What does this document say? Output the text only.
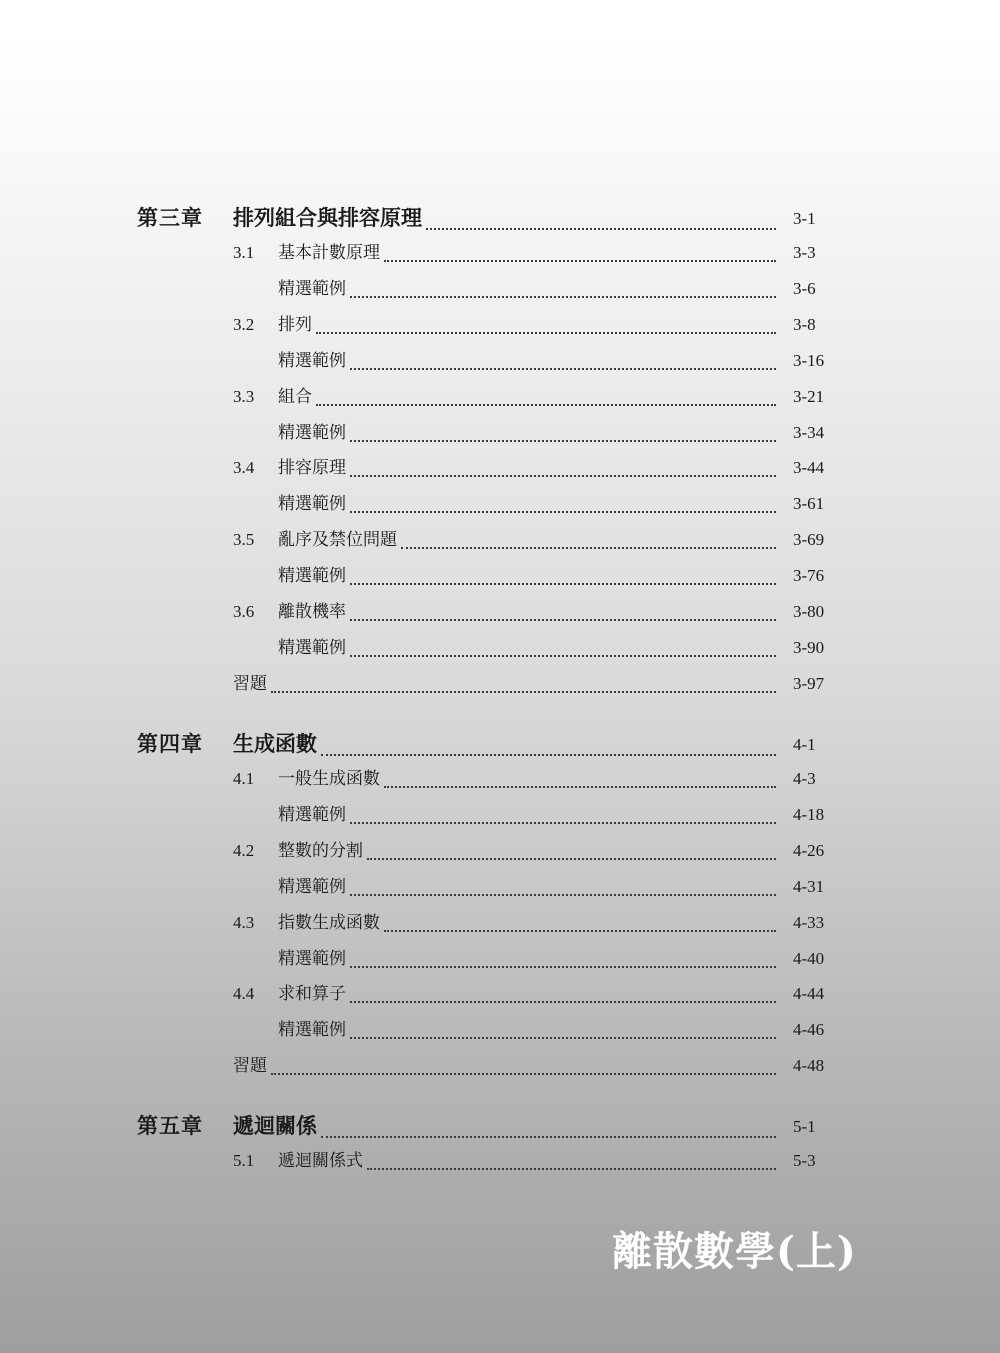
第三章 排列組合與排容原理	3-1
3.1 基本計數原理	3-3
精選範例	3-6
3.2 排列	3-8
精選範例	3-16
3.3 組合	3-21
精選範例	3-34
3.4 排容原理	3-44
精選範例	3-61
3.5 亂序及禁位問題	3-69
精選範例	3-76
3.6 離散機率	3-80
精選範例	3-90
習題	3-97
第四章 生成函數	4-1
4.1 一般生成函數	4-3
精選範例	4-18
4.2 整數的分割	4-26
精選範例	4-31
4.3 指數生成函數	4-33
精選範例	4-40
4.4 求和算子	4-44
精選範例	4-46
習題	4-48
第五章 遞迴關係	5-1
5.1 遞迴關係式	5-3
離散數學(上)
